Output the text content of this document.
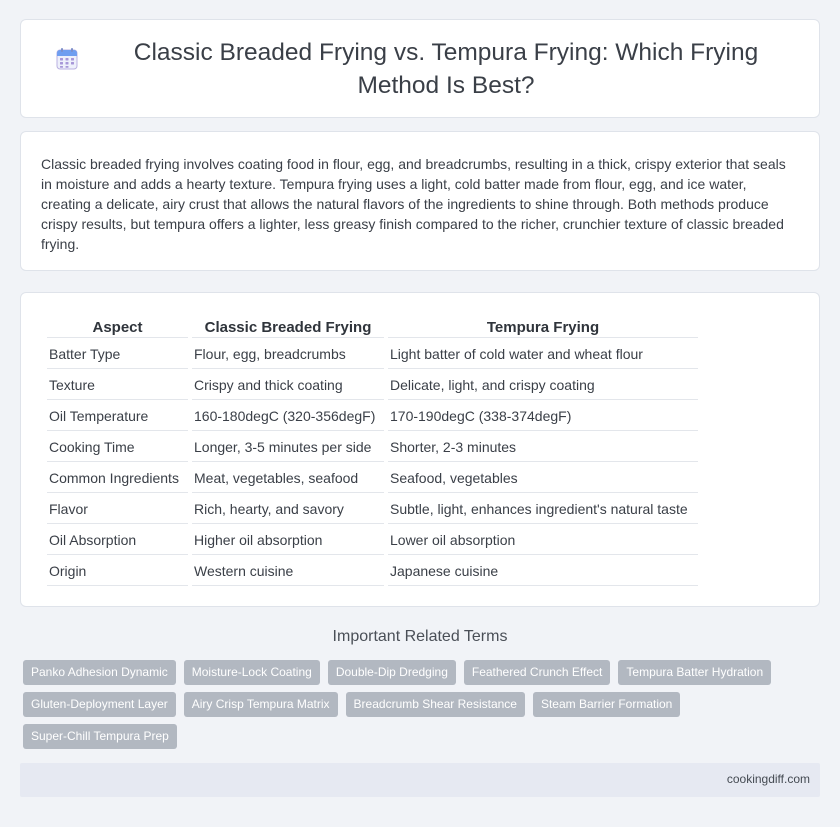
Classic Breaded Frying vs. Tempura Frying: Which Frying Method Is Best?

Classic breaded frying involves coating food in flour, egg, and breadcrumbs, resulting in a thick, crispy exterior that seals in moisture and adds a hearty texture. Tempura frying uses a light, cold batter made from flour, egg, and ice water, creating a delicate, airy crust that allows the natural flavors of the ingredients to shine through. Both methods produce crispy results, but tempura offers a lighter, less greasy finish compared to the richer, crunchier texture of classic breaded frying.

Aspect	Classic Breaded Frying	Tempura Frying
Batter Type	Flour, egg, breadcrumbs	Light batter of cold water and wheat flour
Texture	Crispy and thick coating	Delicate, light, and crispy coating
Oil Temperature	160-180degC (320-356degF)	170-190degC (338-374degF)
Cooking Time	Longer, 3-5 minutes per side	Shorter, 2-3 minutes
Common Ingredients	Meat, vegetables, seafood	Seafood, vegetables
Flavor	Rich, hearty, and savory	Subtle, light, enhances ingredient's natural taste
Oil Absorption	Higher oil absorption	Lower oil absorption
Origin	Western cuisine	Japanese cuisine
Important Related Terms
Panko Adhesion Dynamic	Moisture-Lock Coating	Double-Dip Dredging	Feathered Crunch Effect	Tempura Batter Hydration
Gluten-Deployment Layer	Airy Crisp Tempura Matrix	Breadcrumb Shear Resistance	Steam Barrier Formation
Super-Chill Tempura Prep
cookingdiff.com
